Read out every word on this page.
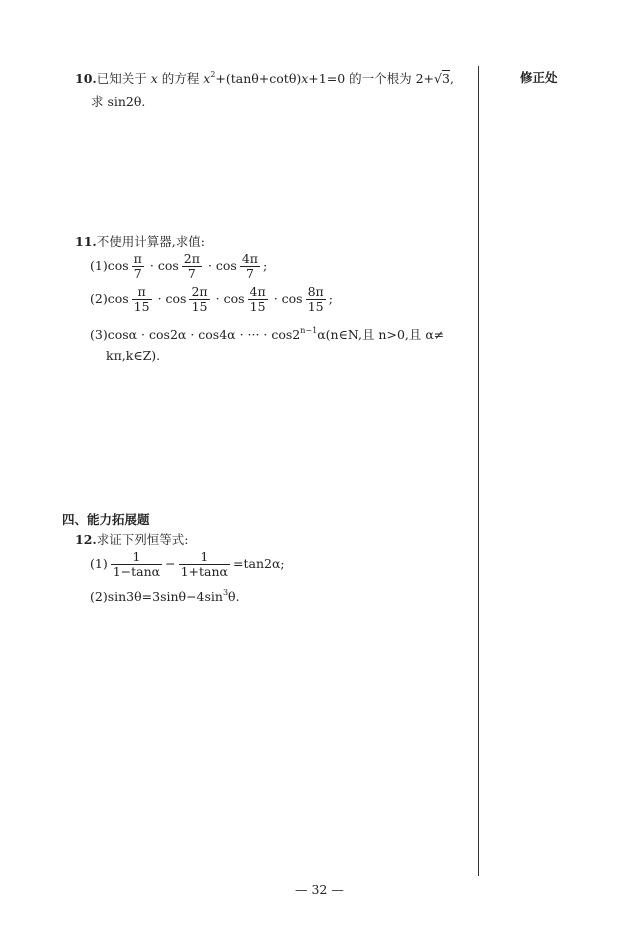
修正处
10.已知关于 x 的方程 $x^2+(\tan\theta+\cot\theta)x+1=0$ 的一个根为 2+√3,
求 sin2θ.
11.不使用计算器,求值:
$(1)\cos \frac{\pi}{7} \cdot \cos \frac{2\pi}{7} \cdot \cos \frac{4\pi}{7}$ ;
$(2)\cos \frac{\pi}{15} \cdot \cos \frac{2\pi}{15} \cdot \cos \frac{4\pi}{15} \cdot \cos \frac{8\pi}{15}$ ;
(3)cosα · cos2α · cos4α · ··· · $\cos 2^{n-1}\alpha(n\in N$,且 n>0,且 α≠
kπ,k∈Z).
四、能力拓展题
12.求证下列恒等式:
$(1) \frac{1}{1-\tan\alpha} - \frac{1}{1+\tan\alpha} =\tan 2\alpha$;
$(2)\sin 3\theta=3\sin\theta-4\sin^3\theta$.
— 32 —
